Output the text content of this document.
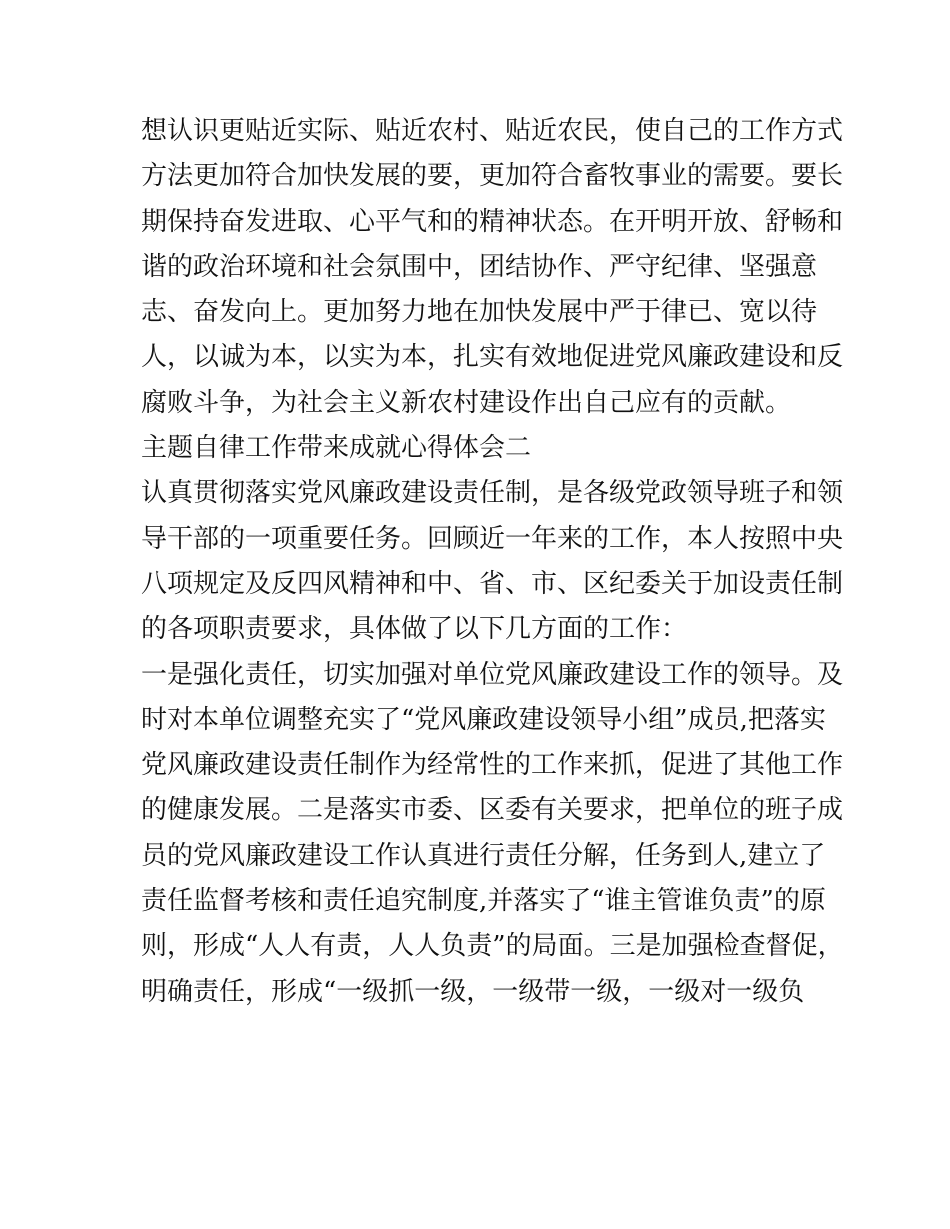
想认识更贴近实际、贴近农村、贴近农民，使自己的工作方式
方法更加符合加快发展的要，更加符合畜牧事业的需要。要长
期保持奋发进取、心平气和的精神状态。在开明开放、舒畅和
谐的政治环境和社会氛围中，团结协作、严守纪律、坚强意
志、奋发向上。更加努力地在加快发展中严于律已、宽以待
人，以诚为本，以实为本，扎实有效地促进党风廉政建设和反
腐败斗争，为社会主义新农村建设作出自己应有的贡献。
主题自律工作带来成就心得体会二
认真贯彻落实党风廉政建设责任制，是各级党政领导班子和领
导干部的一项重要任务。回顾近一年来的工作，本人按照中央
八项规定及反四风精神和中、省、市、区纪委关于加设责任制
的各项职责要求，具体做了以下几方面的工作：
一是强化责任，切实加强对单位党风廉政建设工作的领导。及
时对本单位调整充实了“党风廉政建设领导小组”成员,把落实
党风廉政建设责任制作为经常性的工作来抓，促进了其他工作
的健康发展。二是落实市委、区委有关要求，把单位的班子成
员的党风廉政建设工作认真进行责任分解，任务到人,建立了
责任监督考核和责任追究制度,并落实了“谁主管谁负责”的原
则，形成“人人有责，人人负责”的局面。三是加强检查督促，
明确责任，形成“一级抓一级，一级带一级，一级对一级负
